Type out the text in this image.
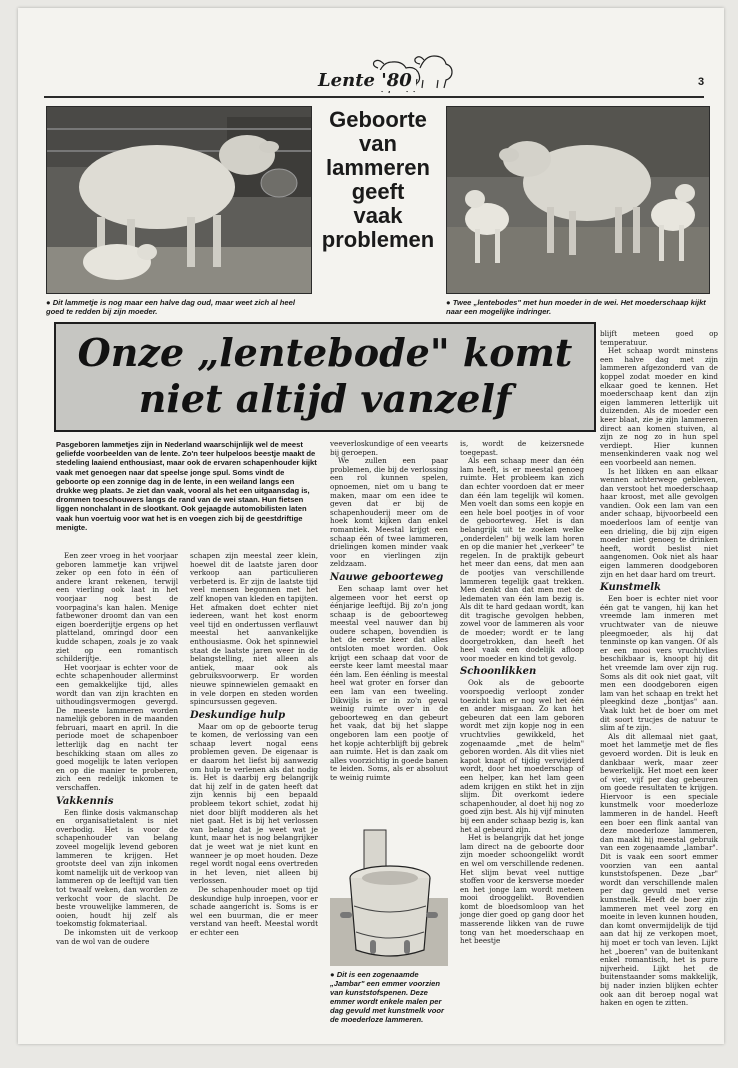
Lente '80	3
● Dit lammetje is nog maar een halve dag oud, maar weet zich al heel goed te redden bij zijn moeder.
Geboorte
van
lammeren
geeft
vaak
problemen
● Twee „lentebodes" met hun moeder in de wei. Het moederschaap kijkt naar een mogelijke indringer.
Onze „lentebode" komt
niet altijd vanzelf
Pasgeboren lammetjes zijn in Nederland waarschijnlijk wel de meest geliefde voorbeelden van de lente. Zo'n teer hulpeloos beestje maakt de stedeling laaiend enthousiast, maar ook de ervaren schapenhouder kijkt vaak met genoegen naar dat speelse jonge spul. Soms vindt de geboorte op een zonnige dag in de lente, in een weiland langs een drukke weg plaats. Je ziet dan vaak, vooral als het een uitgaansdag is, drommen toeschouwers langs de rand van de wei staan. Hun fietsen liggen nonchalant in de slootkant. Ook gejaagde automobilisten laten vaak hun voertuig voor wat het is en voegen zich bij de geestdriftige menigte.

Een zeer vroeg in het voorjaar geboren lammetje kan vrijwel zeker op een foto in één of andere krant rekenen, terwijl een vierling ook laat in het voorjaar nog best de voorpagina's kan halen. Menige fatbewoner droomt dan van een eigen boerderijtje ergens op het platteland, omringd door een kudde schapen, zoals je zo vaak ziet op een romantisch schilderijtje.

Het voorjaar is echter voor de echte schapenhouder allerminst een gemakkelijke tijd, alles wordt dan van zijn krachten en uithoudingsvermogen gevergd. De meeste lammeren worden namelijk geboren in de maanden februari, maart en april. In die periode moet de schapenboer letterlijk dag en nacht ter beschikking staan om alles zo goed mogelijk te laten verlopen en op die manier te proberen, zich een redelijk inkomen te verschaffen.

Vakkennis

Een flinke dosis vakmanschap en organisatietalent is niet overbodig. Het is voor de schapenhouder van belang zoveel mogelijk levend geboren lammeren te krijgen. Het grootste deel van zijn inkomen komt namelijk uit de verkoop van lammeren op de leeftijd van tien tot twaalf weken, dan worden ze verkocht voor de slacht. De beste vrouwelijke lammeren, de ooien, houdt hij zelf als toekomstig fokmateriaal.

De inkomsten uit de verkoop van de wol van de oudere

schapen zijn meestal zeer klein, hoewel dit de laatste jaren door verkoop aan particulieren verbeterd is. Er zijn de laatste tijd veel mensen begonnen met het zelf knopen van kleden en tapijten. Het afmaken doet echter niet iedereen, want het kost enorm veel tijd en ondertussen verflauwt meestal het aanvankelijke enthousiasme. Ook het spinnewiel staat de laatste jaren weer in de belangstelling, niet alleen als antiek, maar ook als gebruiksvoorwerp. Er worden nieuwe spinnewielen gemaakt en in vele dorpen en steden worden spincursussen gegeven.

Deskundige hulp

Maar om op de geboorte terug te komen, de verlossing van een schaap levert nogal eens problemen geven. De eigenaar is er daarom het liefst bij aanwezig om hulp te verlenen als dat nodig is. Het is daarbij erg belangrijk dat hij zelf in de gaten heeft dat zijn kennis bij een bepaald probleem tekort schiet, zodat hij niet door blijft modderen als het niet gaat. Het is bij het verlossen van belang dat je weet wat je kunt, maar het is nog belangrijker dat je weet wat je niet kunt en wanneer je op moet houden. Deze regel wordt nogal eens overtreden in het leven, niet alleen bij verlossen.

De schapenhouder moet op tijd deskundige hulp inroepen, voor er schade aangericht is. Soms is er wel een buurman, die er meer verstand van heeft. Meestal wordt er echter een

veeverloskundige of een veearts bij geroepen.

We zullen een paar problemen, die bij de verlossing een rol kunnen spelen, opnoemen, niet om u bang te maken, maar om een idee te geven dat er bij de schapenhouderij meer om de hoek komt kijken dan enkel romantiek. Meestal krijgt een schaap één of twee lammeren, drielingen komen minder vaak voor en vierlingen zijn zeldzaam.

Nauwe geboorteweg

Een schaap lamt over het algemeen voor het eerst op éénjarige leeftijd. Bij zo'n jong schaap is de geboorteweg meestal veel nauwer dan bij oudere schapen, bovendien is het de eerste keer dat alles ontsloten moet worden. Ook krijgt een schaap dat voor de eerste keer lamt meestal maar één lam. Een éénling is meestal heel wat groter en forser dan een lam van een tweeling. Dikwijls is er in zo'n geval weinig ruimte over in de geboorteweg en dan gebeurt het vaak, dat bij het slappe ongeboren lam een pootje of het kopje achterblijft bij gebrek aan ruimte. Het is dan zaak om alles voorzichtig in goede banen te leiden. Soms, als er absoluut te weinig ruimte

● Dit is een zogenaamde „Jambar" een emmer voorzien van kunststofspenen. Deze emmer wordt enkele malen per dag gevuld met kunstmelk voor de moederloze lammeren.

is, wordt de keizersnede toegepast.

Als een schaap meer dan één lam heeft, is er meestal genoeg ruimte. Het probleem kan zich dan echter voordoen dat er meer dan één lam tegelijk wil komen. Men voelt dan soms een kopje en een hele boel pootjes in of voor de geboorteweg. Het is dan belangrijk uit te zoeken welke „onderdelen" bij welk lam horen en op die manier het „verkeer" te regelen. In de praktijk gebeurt het meer dan eens, dat men aan de pootjes van verschillende lammeren tegelijk gaat trekken. Men denkt dan dat men met de ledematen van één lam bezig is. Als dit te hard gedaan wordt, kan dit tragische gevolgen hebben, zowel voor de lammeren als voor de moeder; wordt er te lang doorgetrokken, dan heeft het heel vaak een dodelijk afloop voor moeder en kind tot gevolg.

Schoonlikken

Ook als de geboorte voorspoedig verloopt zonder toezicht kan er nog wel het één en ander misgaan. Zo kan het gebeuren dat een lam geboren wordt met zijn kopje nog in een vruchtvlies gewikkeld, het zogenaamde „met de helm" geboren worden. Als dit vlies niet kapot knapt of tijdig verwijderd wordt, door het moederschap of een helper, kan het lam geen adem krijgen en stikt het in zijn slijm. Dit overkomt iedere schapenhouder, al doet hij nog zo goed zijn best. Als hij vijf minuten bij een ander schaap bezig is, kan het al gebeurd zijn.

Het is belangrijk dat het jonge lam direct na de geboorte door zijn moeder schoongelikt wordt en wel om verschillende redenen. Het slijm bevat veel nuttige stoffen voor de kersverse moeder en het jonge lam wordt meteen mooi drooggelikt. Bovendien komt de bloedsomloop van het jonge dier goed op gang door het masserende likken van de ruwe tong van het moederschaap en het beestje

blijft meteen goed op temperatuur.

Het schaap wordt minstens een halve dag met zijn lammeren afgezonderd van de koppel zodat moeder en kind elkaar goed te kennen. Het moederschaap kent dan zijn eigen lammeren letterlijk uit duizenden. Als de moeder een keer blaat, zie je zijn lammeren direct aan komen stuiven, al zijn ze nog zo in hun spel verdiept. Hier kunnen mensenkinderen vaak nog wel een voorbeeld aan nemen.

Is het likken en aan elkaar wennen achterwege gebleven, dan verstoot het moederschaap haar kroost, met alle gevolgen vandien. Ook een lam van een ander schaap, bijvoorbeeld een moederloos lam of eentje van een drieling, die bij zijn eigen moeder niet genoeg te drinken heeft, wordt beslist niet aangenomen. Ook niet als haar eigen lammeren doodgeboren zijn en het daar hard om treurt.

Kunstmelk

Een boer is echter niet voor één gat te vangen, hij kan het vreemde lam inmeren met vruchtwater van de nieuwe pleegmoeder, als hij dat tenminste op kan vangen. Of als er een mooi vers vruchtvlies beschikbaar is, knoopt hij dit het vreemde lam over zijn rug. Soms als dit ook niet gaat, vilt men een doodgeboren eigen lam van het schaap en trekt het pleegkind deze „bontjas" aan. Vaak lukt het de boer om met dit soort trucjes de natuur te slim af te zijn.

Als dit allemaal niet gaat, moet het lammetje met de fles gevoerd worden. Dit is leuk en dankbaar werk, maar zeer bewerkelijk. Het moet een keer of vier, vijf per dag gebeuren om goede resultaten te krijgen. Hiervoor is een speciale kunstmelk voor moederloze lammeren in de handel. Heeft een boer een flink aantal van deze moederloze lammeren, dan maakt hij meestal gebruik van een zogenaamde „lambar". Dit is vaak een soort emmer voorzien van een aantal kunststofspenen. Deze „bar" wordt dan verschillende malen per dag gevuld met verse kunstmelk. Heeft de boer zijn lammeren met veel zorg en moeite in leven kunnen houden, dan komt onvermijdelijk de tijd aan dat hij ze verkopen moet, hij moet er toch van leven. Lijkt het „boeren" van de buitenkant enkel romantisch, het is pure nijverheid. Lijkt het de buitenstaander soms makkelijk, bij nader inzien blijken echter ook aan dit beroep nogal wat haken en ogen te zitten.
